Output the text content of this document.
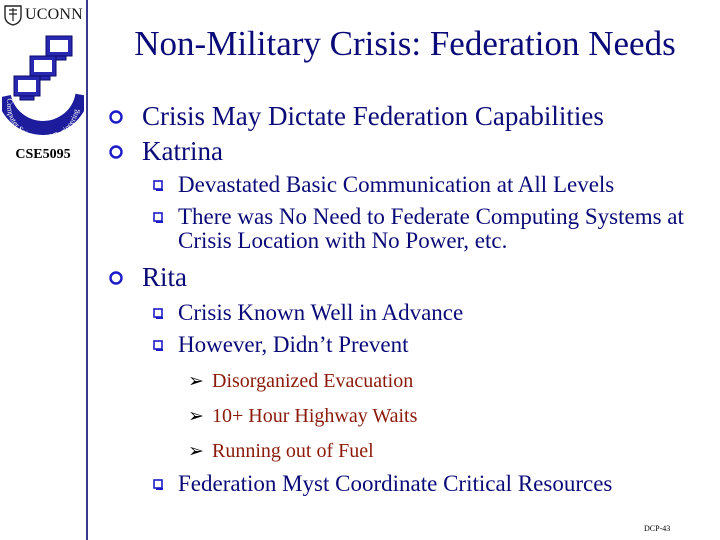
UCONN
Computer Science and Engineering
CSE5095
Non-Military Crisis: Federation Needs
Crisis May Dictate Federation Capabilities
Katrina
Devastated Basic Communication at All Levels
There was No Need to Federate Computing Systems at Crisis Location with No Power, etc.
Rita
Crisis Known Well in Advance
However, Didn’t Prevent
➢ Disorganized Evacuation
➢ 10+ Hour Highway Waits
➢ Running out of Fuel
Federation Myst Coordinate Critical Resources
DCP-43
